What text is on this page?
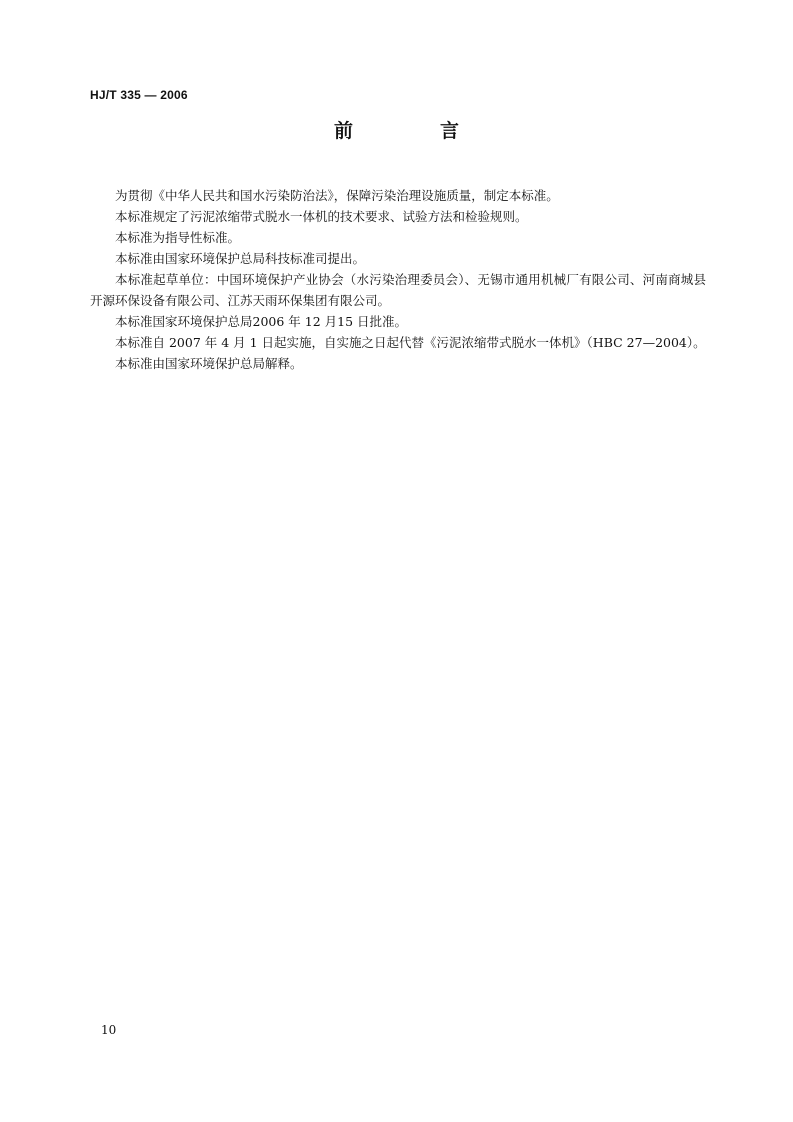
HJ/T 335 — 2006
前　言

为贯彻《中华人民共和国水污染防治法》，保障污染治理设施质量，制定本标准。

本标准规定了污泥浓缩带式脱水一体机的技术要求、试验方法和检验规则。

本标准为指导性标准。

本标准由国家环境保护总局科技标准司提出。

本标准起草单位：中国环境保护产业协会（水污染治理委员会）、无锡市通用机械厂有限公司、河南商城县开源环保设备有限公司、江苏天雨环保集团有限公司。

本标准国家环境保护总局2006 年 12 月15 日批准。

本标准自 2007 年 4 月 1 日起实施，自实施之日起代替《污泥浓缩带式脱水一体机》（HBC 27—2004）。

本标准由国家环境保护总局解释。

10
